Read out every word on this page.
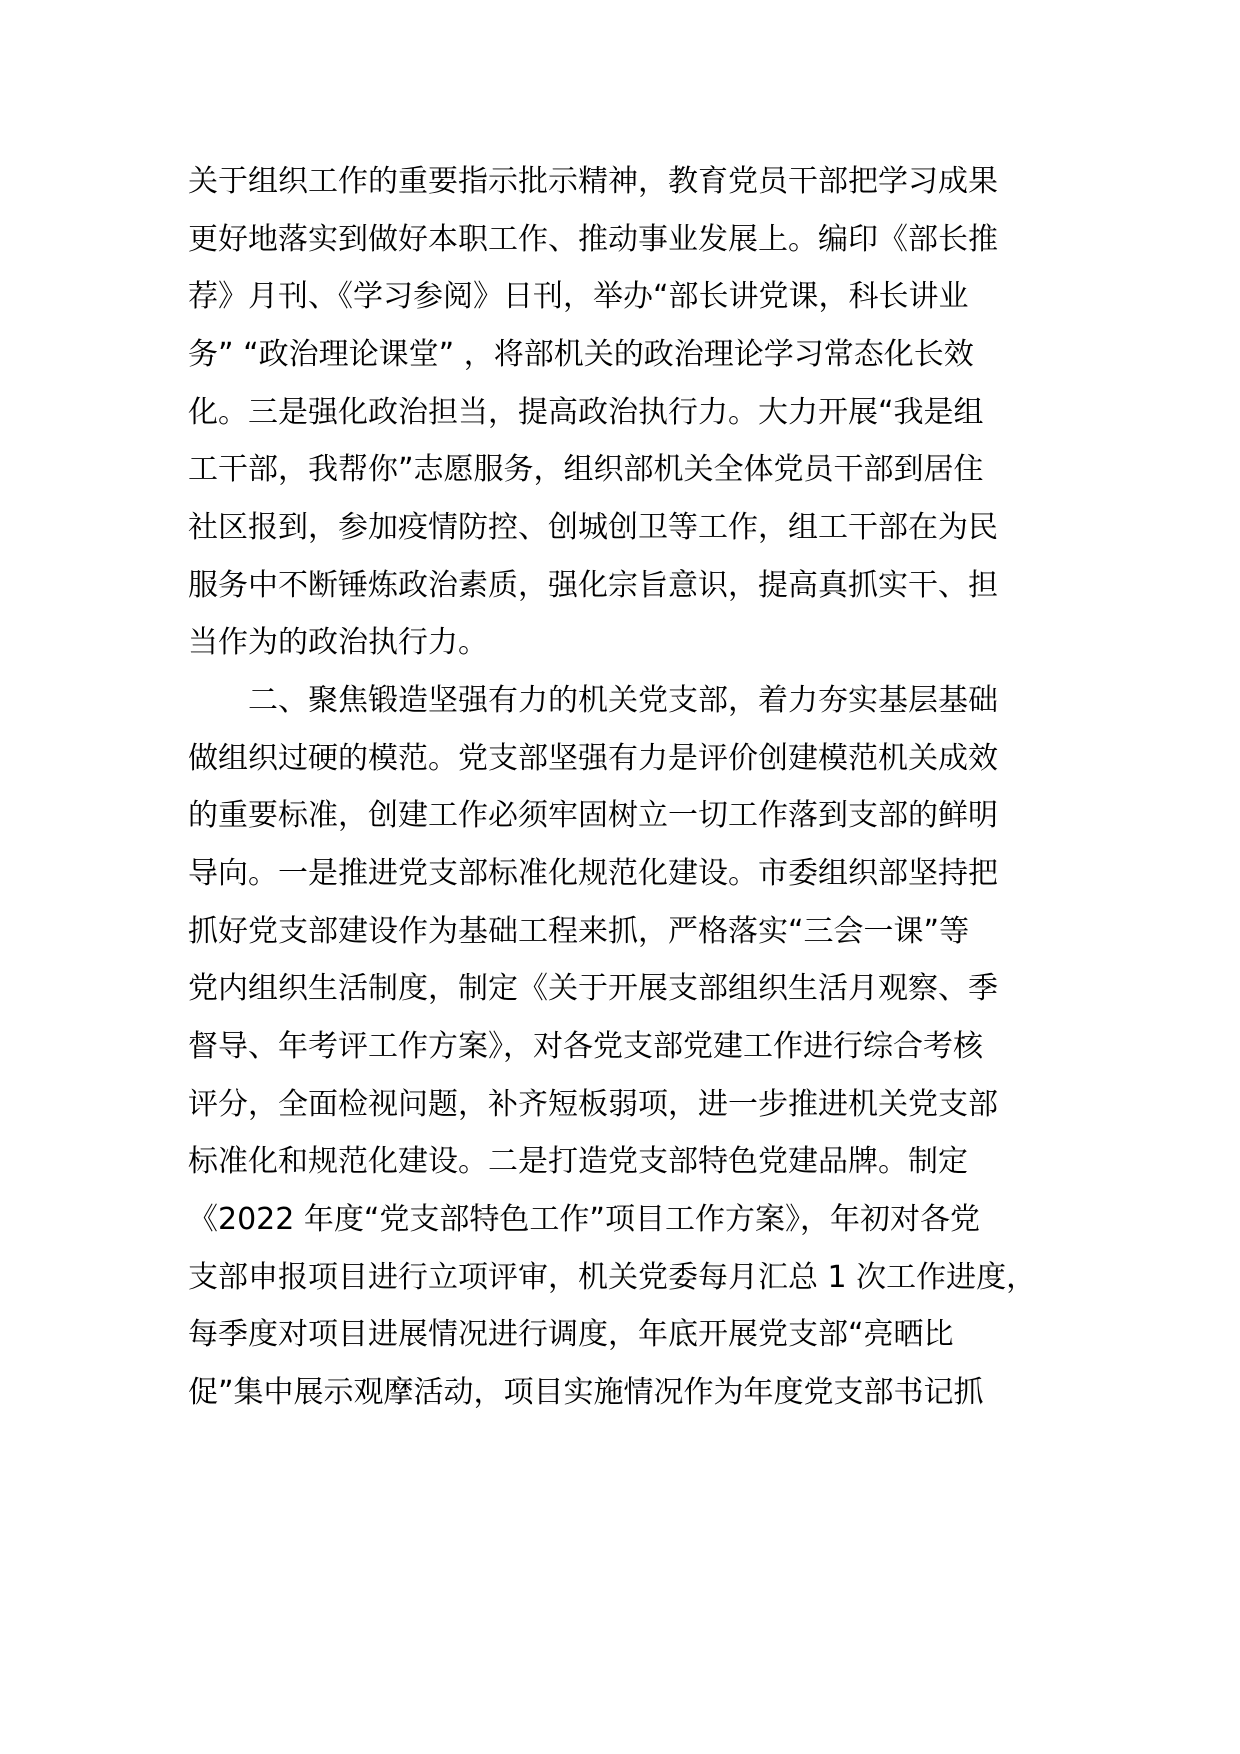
关于组织工作的重要指示批示精神，教育党员干部把学习成果

更好地落实到做好本职工作、推动事业发展上。编印《部长推

荐》月刊、《学习参阅》日刊，举办“部长讲党课，科长讲业

务” “政治理论课堂” ，将部机关的政治理论学习常态化长效

化。三是强化政治担当，提高政治执行力。大力开展“我是组

工干部，我帮你”志愿服务，组织部机关全体党员干部到居住

社区报到，参加疫情防控、创城创卫等工作，组工干部在为民

服务中不断锤炼政治素质，强化宗旨意识，提高真抓实干、担

当作为的政治执行力。

二、聚焦锻造坚强有力的机关党支部，着力夯实基层基础

做组织过硬的模范。党支部坚强有力是评价创建模范机关成效

的重要标准，创建工作必须牢固树立一切工作落到支部的鲜明

导向。一是推进党支部标准化规范化建设。市委组织部坚持把

抓好党支部建设作为基础工程来抓，严格落实“三会一课”等

党内组织生活制度，制定《关于开展支部组织生活月观察、季

督导、年考评工作方案》，对各党支部党建工作进行综合考核

评分，全面检视问题，补齐短板弱项，进一步推进机关党支部

标准化和规范化建设。二是打造党支部特色党建品牌。制定

《2022 年度“党支部特色工作”项目工作方案》，年初对各党

支部申报项目进行立项评审，机关党委每月汇总 1 次工作进度，

每季度对项目进展情况进行调度，年底开展党支部“亮晒比

促”集中展示观摩活动，项目实施情况作为年度党支部书记抓
